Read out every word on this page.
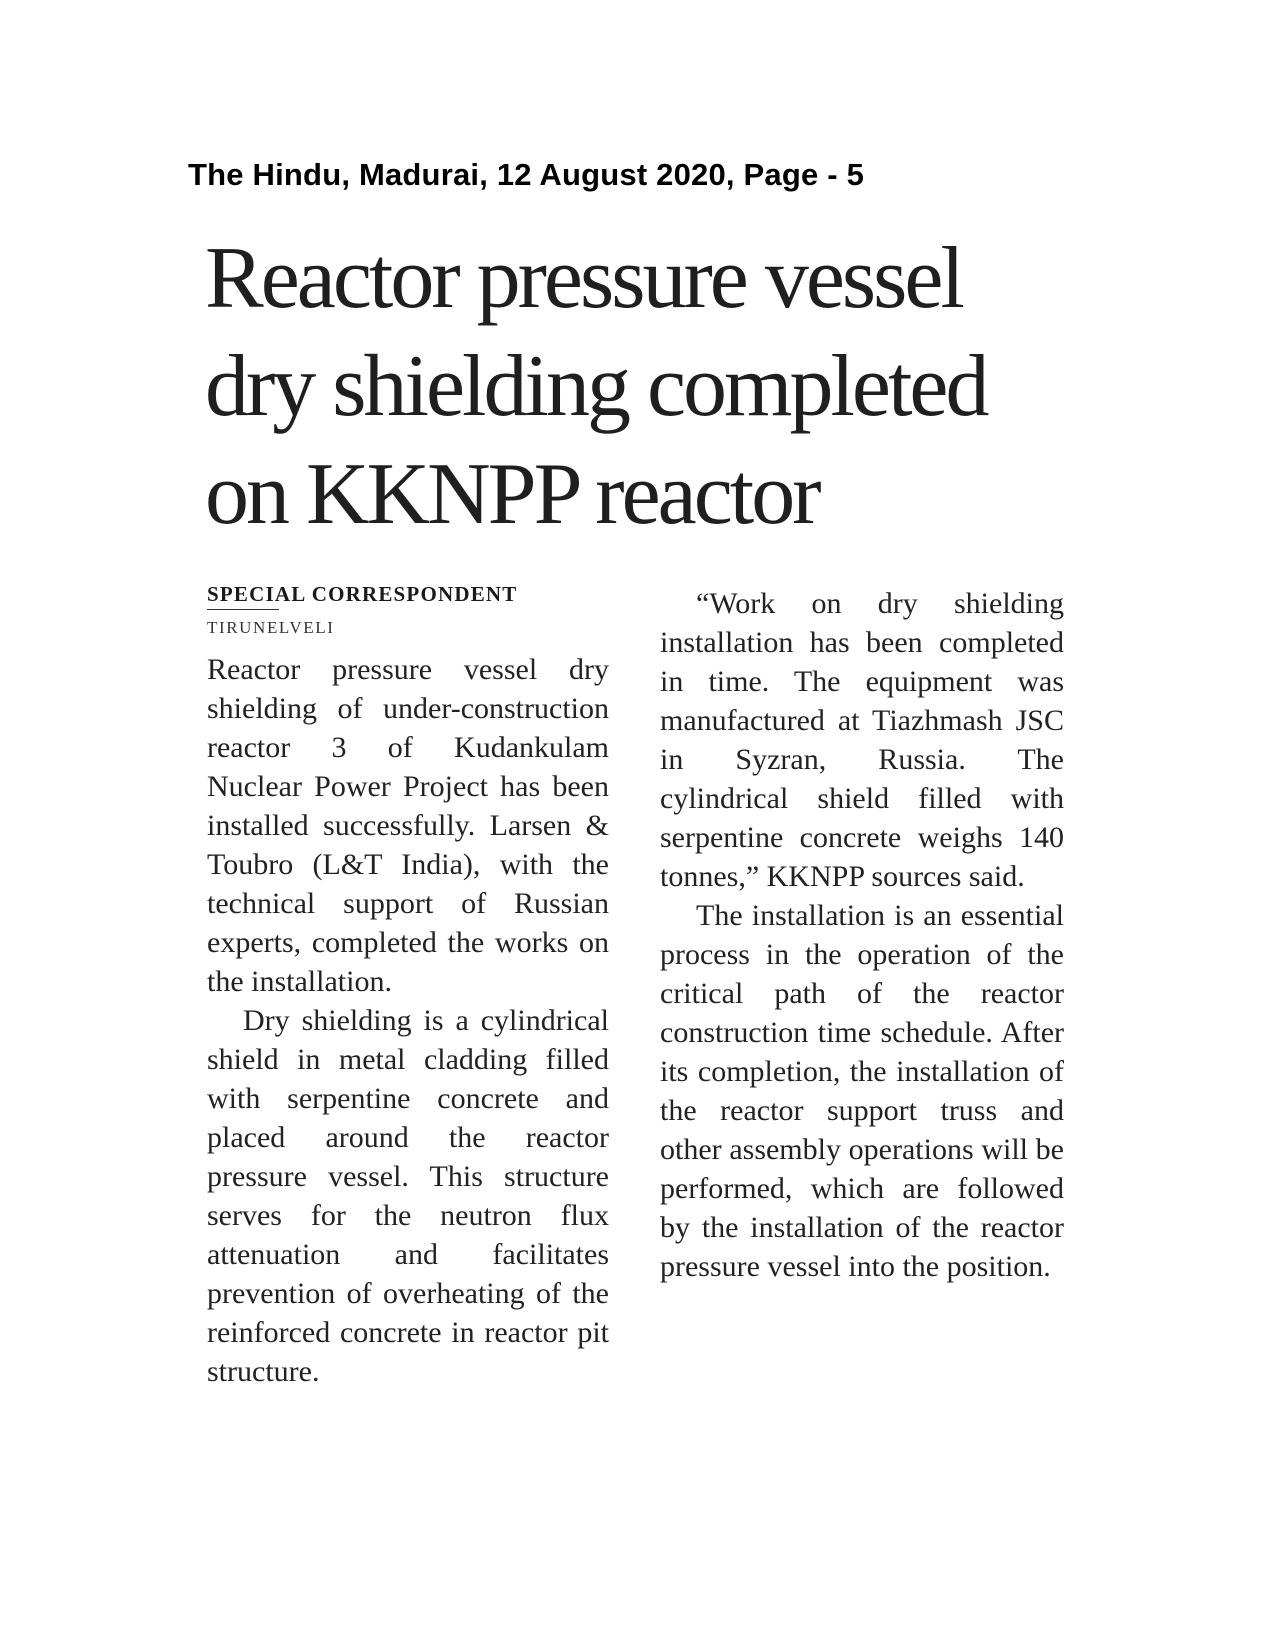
The Hindu, Madurai, 12 August 2020, Page - 5
Reactor pressure vessel
dry shielding completed
on KKNPP reactor
SPECIAL CORRESPONDENT
TIRUNELVELI

Reactor pressure vessel dry shielding of under-construction reactor 3 of Kudankulam Nuclear Power Project has been installed successfully. Larsen & Toubro (L&T India), with the technical support of Russian experts, completed the works on the installation.

Dry shielding is a cylindrical shield in metal cladding filled with serpentine concrete and placed around the reactor pressure vessel. This structure serves for the neutron flux attenuation and facilitates prevention of overheating of the reinforced concrete in reactor pit structure.

“Work on dry shielding installation has been completed in time. The equipment was manufactured at Tiazhmash JSC in Syzran, Russia. The cylindrical shield filled with serpentine concrete weighs 140 tonnes,” KKNPP sources said.

The installation is an essential process in the operation of the critical path of the reactor construction time schedule. After its completion, the installation of the reactor support truss and other assembly operations will be performed, which are followed by the installation of the reactor pressure vessel into the position.
